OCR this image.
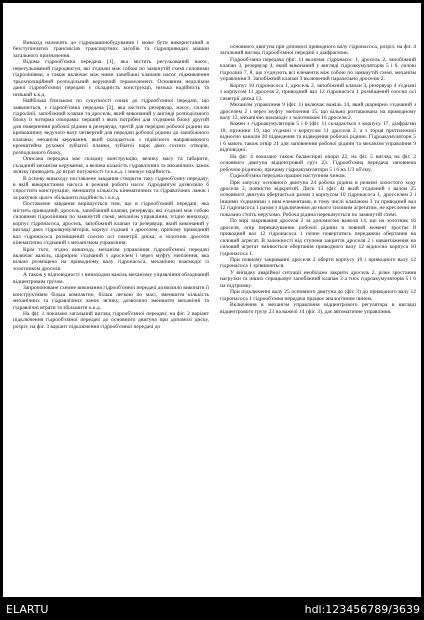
Винахід належить до гідромашинобудування і може бути використаний в безступінчатих трансмісіях транспортних засобів та гідроприводах машин загального призначення.

Відома гідрооб'ємна передача [1], яка містить регульований насос, нерегульований гідродвигун, які з'єднані між собою по замкнутій схемі силовими гідролініями, а також включає між ними запобіжні клапани насос підживлення трьохпозиційний розподільний керуючий термоелемент. Основним недоліком даної гідрооб'ємної передачі є складність конструкції, низька надійність та низький к.к.д.

Найбільш близькою по сукупності ознак до гідрооб'ємної передачі, що заявляється, є гідрооб'ємна передача [2], яка містить резервуар, насос, силові гідролінії, запобіжний клапан та дросель, який виконаний у вигляді розподільчого блоку із чотирма отворами: перший з яких потрібен для з'єднання блоку другий для повернення робочої рідини в резервуар, третій для передачі робочої рідини на кривошипну ведучого валу четвертий для передачі робочої рідини до запобіжного клапана; механізм керування, який складається з підвісного направляючого кронштейна рухомої зубчатої планки, зубчатої пари двох сосних отворів, розподільчого блоку.

Описана передача має складну конструкцію, велику масу та габарити, складний механізм керування, а велика кількість гідравлічних та механічних ланок зв'язку приводить до втрат потужності та к.к.д. і знижує надійність.

В основу винаходу поставлене завдання створити таку гідрооб'ємну передачу, в якій використання насоса в режимі роботи насос гідродвигун дозволило б спростити конструкцію, зменшити кількість кінематичних та гідравлічних ланок і за рахунок цього збільшити надійність і к.к.д.

Поставлене завдання вирішується тим, що в гідрооб'ємній передачі, яка містить приводний, дросель, запобіжний клапан, резервуар, які з'єднані між собою силовими гідролініями по замкнутій схемі, механізм управління, згідно винаходу, корпус гідронасоса, дросель, запобіжний клапан та резервуар, який виконаний у вигляді двох гідроакумуляторів, корпус з'єднані з дроселем, причому приводний вал гідронасоса розміщений соосно осі симетрії диска, а золотник дроселя кінематично з'єднаний з механізмом управління.

Крім того, згідно винаходу, механізм управління гідрооб'ємної передачі включає важіль, шарнірно з'єднаний з дроселем і через муфту зчеплення, яка вільно розміщена на приводному валу гідронасоса, механічно взаємодіє із золотником дроселя.

А також у відповідності з винаходом важіль механізму управління обладнаний відцентровим грузом.

Запропоноване схемне виконання гідрооб'ємної передачі дозволило виконати її конструктивно більш компактно, більш легкою по масі, зменшити кількість механічних та гідравлічних ланок зв'язку, дозволило зменшити механічні та гідравлічні втрати та збільшити к.к.д.

На фіг. 1 показано загальний вигляд гідрооб'ємної передачі; на фіг. 2 варіант підключення гідрооб'ємної передачі до основного двигуна при допомозі диску, розріз; на фіг. 3 варіант підключення гідрооб'ємної передачі до

основного двигуна при допомозі приводного валу гідронасоса, розріз; на фіг. 4 загальний вигляд гідрооб'ємної передачі з діафрагмою.

Гідрооб'ємна передача (фіг. 1) включає гідронасос 1, дросель 2, запобіжний клапан 3, резервуар 4, який виконаний у вигляді гідроакумуляторів 5 і 6, силові гідролінії 7, 8, що з'єднують всі елементи між собою по замкнутій схемі, механізм управління 9. Запобіжний клапан 3 включений паралельно дроселю 2.

Корпус 10 гідронасоса 1, дросель 2, запобіжний клапан 3, резервуар 4 з'єднані з корпусом 11 дроселя 2, приводний вал 12 гідронасоса 1 розміщений соосно осі симетрії диска 13.

Механізм управління 9 (фіг. 1) включає важіль 14, який шарнірно з'єднаний з дроселем 2 і через муфту зчеплення 15, що вільно розташована на приводному валу 12, механічно взаємодіє з золотником 16 дроселя 2.

Кожен з гідроакумуляторів 5 і 6 (фіг. 1) складається з корпусу 17, діафрагми 18, пружини 19, що з'єднані з корпусом 11 дроселя 2, а з торця протилежної відносно каналів 20 підведення та відведення робочої рідини. Гідроакумулятори 5 і 6 мають також отвір 21 для заповнення робочої рідини та механізм управління 9 відповідно.

На фіг. 4 показано також балансирні опори 22, на фіг. 5 вигляд на фіг. 2 основного двигуна відцентровий груз 23. Гідрооб'ємна передача заповнена робочою рідиною, причому гідроакумулятори 5 і 6 на 1/3 об'єму.

Гідрооб'ємна передача працює наступним чином.

При запуску основного двигуна 24 робоча рідина в режимі холостого ходу дроселя 2, повністю відкритий. Диск 13 (фіг. 4) який з'єднаний з валом 25 основного двигуна обертається разом з корпусом 10 гідронасоса 1, дросселем 2 і іншими з'єднаними з ним елементами, в тому числі клапаном 3 та приводний вал 12 гідронасоса 1 разом з підключеним до нього силовим агрегатом, не кресленні не показано стоїть нерухомо. Робоча рідина перекачується по замкнутій схемі.

По мірі закривання дроселя 2 за допомогою важеля 14, що на золотник 16 дроселя, опір перекачуванню робочої рідини в певний момент зростає й приводний вал 12 гідронасоса 1 почне повертатись передаючи обертання на силовий агрегат. В залежності від ступеня закриття дроселя 2 і навантаження на силовий агрегат змінюється обертання приводного валу 12 відносно корпуса 10 гідронасоса 1.

При повному закриванні дроселя 2 оберти корпусу 10 і приводного валу 12 гідронасоса 1 зрівнюються.

У випадку аварійної ситуації необхідно закрити дросель 2, різке зростання нагрузки та інших спрацьовує запобіжний клапан 3 а тиск гідроакумуляторів 5 і 6 на підтримку.

При підключенні валу 25 основного двигуна до (фіг. 3) до приводного валу 12 гідронасоса 1 гідрооб'ємна передача працює аналогічним чином.

Включення в механізм управління відцентрового регулятора в вигляді відцентрового грузу 23 на важелі 14 (фіг. 3), дає автоматичне управління.

ELARTU	hdl:123456789/3639
